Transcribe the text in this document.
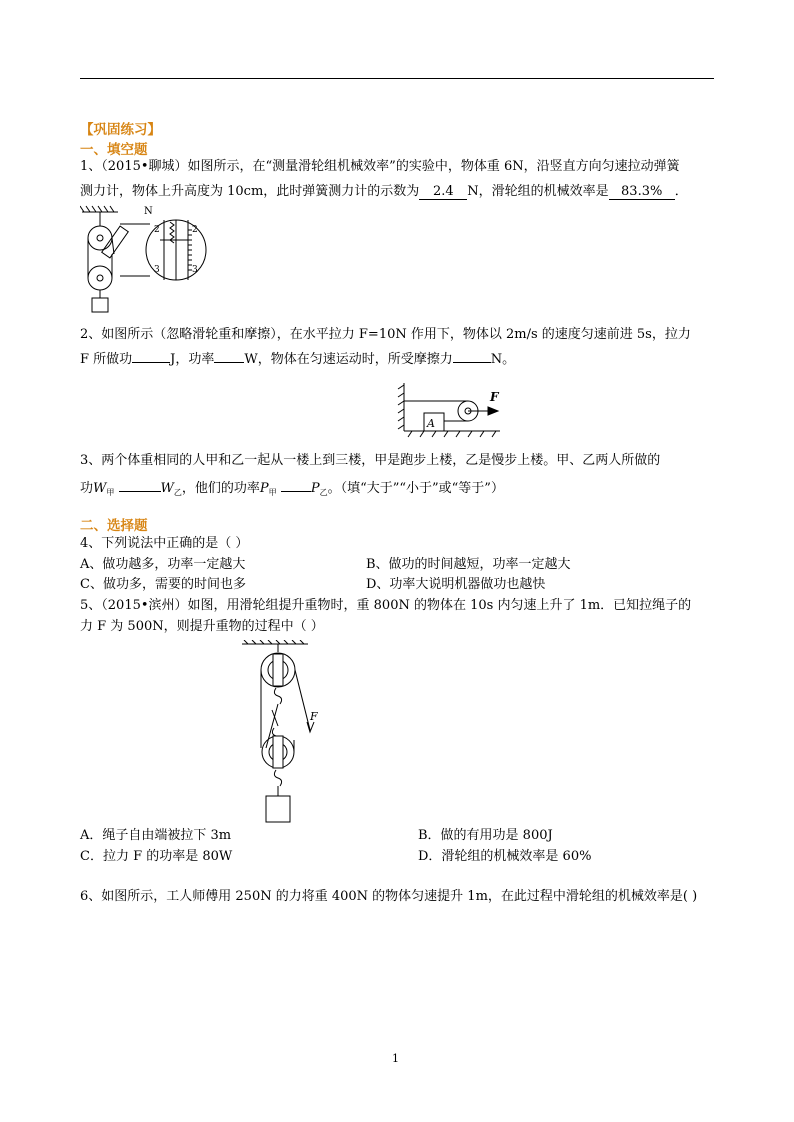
【巩固练习】
一、填空题
1、（2015•聊城）如图所示，在“测量滑轮组机械效率”的实验中，物体重 6N，沿竖直方向匀速拉动弹簧
测力计，物体上升高度为 10cm，此时弹簧测力计的示数为 2.4 N，滑轮组的机械效率是 83.3% ．
N
2	2
3	3
2、如图所示（忽略滑轮重和摩擦），在水平拉力 F=10N 作用下，物体以 2m/s 的速度匀速前进 5s，拉力
F 所做功	J，功率 W，物体在匀速运动时，所受摩擦力	N。
A
F
3、两个体重相同的人甲和乙一起从一楼上到三楼，甲是跑步上楼，乙是慢步上楼。甲、乙两人所做的
功$W_甲$	$W_乙$，他们的功率$P_甲$	$P_乙$。（填“大于”“小于”或“等于”）
二、选择题
4、下列说法中正确的是（ ）
A、做功越多，功率一定越大	B、做功的时间越短，功率一定越大
C、做功多，需要的时间也多	D、功率大说明机器做功也越快
5、（2015•滨州）如图，用滑轮组提升重物时，重 800N 的物体在 10s 内匀速上升了 1m．已知拉绳子的
力 F 为 500N，则提升重物的过程中（ ）
F
A．绳子自由端被拉下 3m	B．做的有用功是 800J
C．拉力 F 的功率是 80W	D．滑轮组的机械效率是 60%
6、如图所示，工人师傅用 250N 的力将重 400N 的物体匀速提升 1m，在此过程中滑轮组的机械效率是( )
1
